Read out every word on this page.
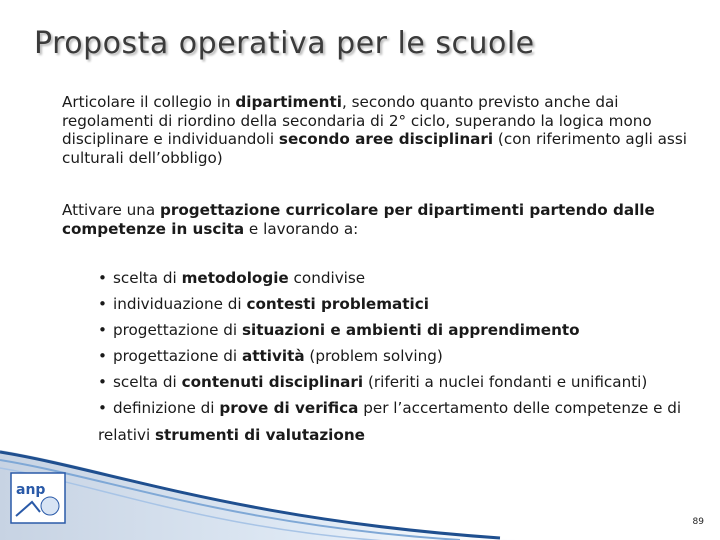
Proposta operativa per le scuole
Articolare il collegio in dipartimenti, secondo quanto previsto anche dai regolamenti di riordino della secondaria di 2° ciclo, superando la logica mono disciplinare e individuandoli secondo aree disciplinari (con riferimento agli assi culturali dell’obbligo)
Attivare una progettazione curricolare per dipartimenti partendo dalle competenze in uscita e lavorando a:
• scelta di metodologie condivise
• individuazione di contesti problematici
• progettazione di situazioni e ambienti di apprendimento
• progettazione di attività (problem solving)
• scelta di contenuti disciplinari (riferiti a nuclei fondanti e unificanti)
• definizione di prove di verifica per l’accertamento delle competenze e di relativi strumenti di valutazione
anp
89
